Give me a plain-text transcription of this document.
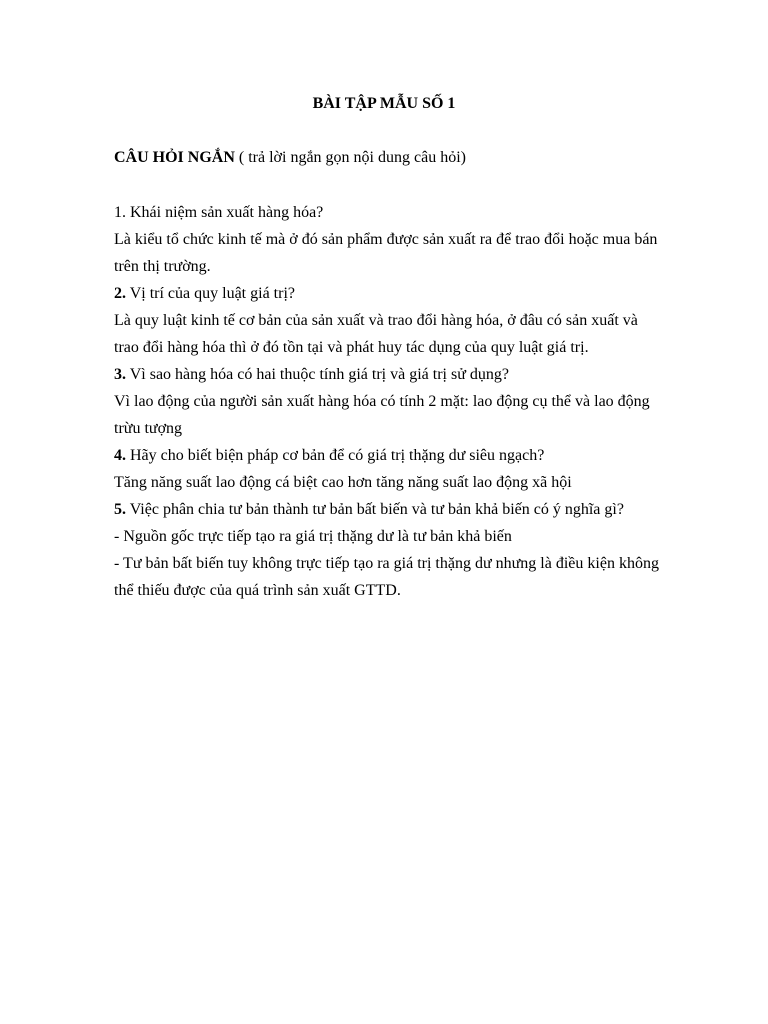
BÀI TẬP MẪU SỐ 1

CÂU HỎI NGẮN ( trả lời ngắn gọn nội dung câu hỏi)

1. Khái niệm sản xuất hàng hóa?

Là kiểu tổ chức kinh tế mà ở đó sản phẩm được sản xuất ra để trao đổi hoặc mua bán trên thị trường.

2. Vị trí của quy luật giá trị?

Là quy luật kinh tế cơ bản của sản xuất và trao đổi hàng hóa, ở đâu có sản xuất và trao đổi hàng hóa thì ở đó tồn tại và phát huy tác dụng của quy luật giá trị.

3. Vì sao hàng hóa có hai thuộc tính giá trị và giá trị sử dụng?

Vì lao động của người sản xuất hàng hóa có tính 2 mặt: lao động cụ thể và lao động trừu tượng

4. Hãy cho biết biện pháp cơ bản để có giá trị thặng dư siêu ngạch?

Tăng năng suất lao động cá biệt cao hơn tăng năng suất lao động xã hội

5. Việc phân chia tư bản thành tư bản bất biến và tư bản khả biến có ý nghĩa gì?

- Nguồn gốc trực tiếp tạo ra giá trị thặng dư là tư bản khả biến

- Tư bản bất biến tuy không trực tiếp tạo ra giá trị thặng dư nhưng là điều kiện không thể thiếu được của quá trình sản xuất GTTD.
